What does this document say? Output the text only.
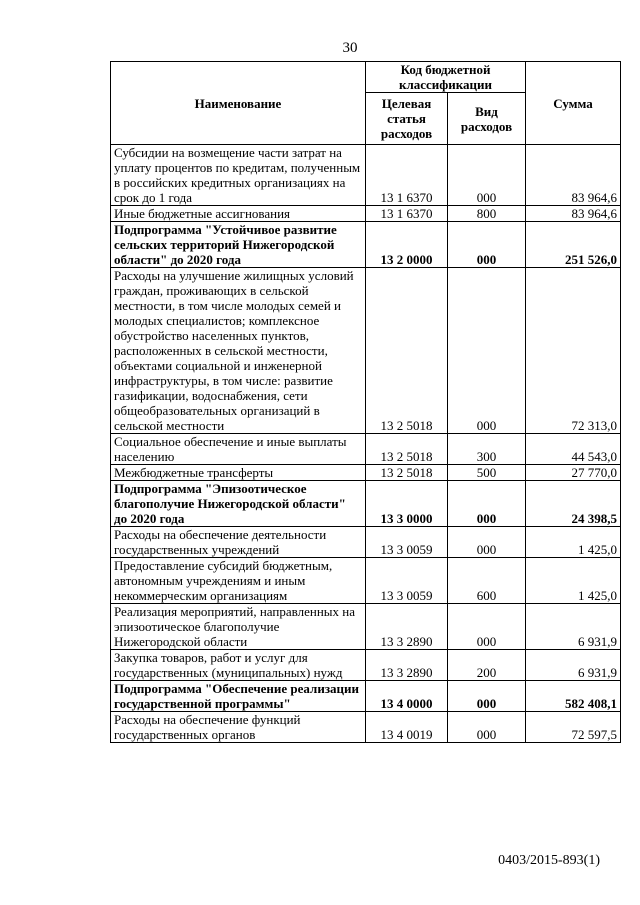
30
Наименование	Код бюджетной классификации		Сумма
	Целевая статья расходов	Вид расходов	
Субсидии на возмещение части затрат на уплату процентов по кредитам, полученным в российских кредитных организациях на срок до 1 года	13 1 6370	000	83 964,6
Иные бюджетные ассигнования	13 1 6370	800	83 964,6
Подпрограмма "Устойчивое развитие сельских территорий Нижегородской области" до 2020 года	13 2 0000	000	251 526,0
Расходы на улучшение жилищных условий граждан, проживающих в сельской местности, в том числе молодых семей и молодых специалистов; комплексное обустройство населенных пунктов, расположенных в сельской местности, объектами социальной и инженерной инфраструктуры, в том числе: развитие газификации, водоснабжения, сети общеобразовательных организаций в сельской местности	13 2 5018	000	72 313,0
Социальное обеспечение и иные выплаты населению	13 2 5018	300	44 543,0
Межбюджетные трансферты	13 2 5018	500	27 770,0
Подпрограмма "Эпизоотическое благополучие Нижегородской области" до 2020 года	13 3 0000	000	24 398,5
Расходы на обеспечение деятельности государственных учреждений	13 3 0059	000	1 425,0
Предоставление субсидий бюджетным, автономным учреждениям и иным некоммерческим организациям	13 3 0059	600	1 425,0
Реализация мероприятий, направленных на эпизоотическое благополучие Нижегородской области	13 3 2890	000	6 931,9
Закупка товаров, работ и услуг для государственных (муниципальных) нужд	13 3 2890	200	6 931,9
Подпрограмма "Обеспечение реализации государственной программы"	13 4 0000	000	582 408,1
Расходы на обеспечение функций государственных органов	13 4 0019	000	72 597,5
0403/2015-893(1)
